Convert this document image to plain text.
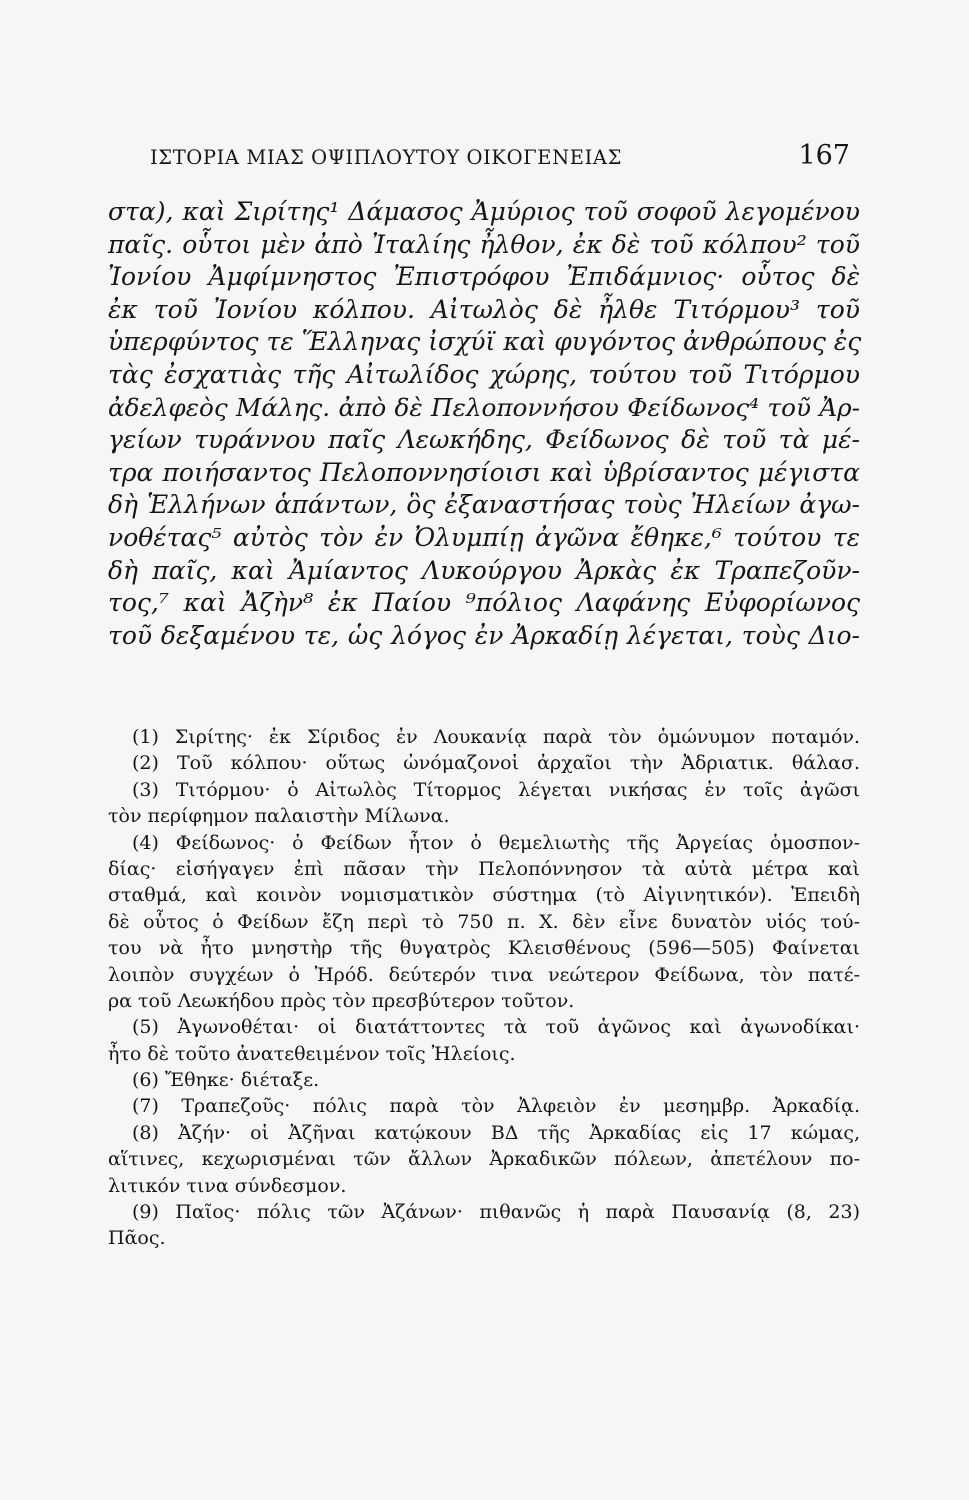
ΙΣΤΟΡΙΑ ΜΙΑΣ ΟΨΙΠΛΟΥΤΟΥ ΟΙΚΟΓΕΝΕΙΑΣ	167
στα), καὶ Σιρίτης¹ Δάμασος Ἀμύριος τοῦ σοφοῦ λεγομένου
παῖς. οὗτοι μὲν ἀπὸ Ἰταλίης ἦλθον, ἐκ δὲ τοῦ κόλπου² τοῦ
Ἰονίου Ἀμφίμνηστος Ἐπιστρόφου Ἐπιδάμνιος· οὗτος δὲ
ἐκ τοῦ Ἰονίου κόλπου. Αἰτωλὸς δὲ ἦλθε Τιτόρμου³ τοῦ
ὑπερφύντος τε Ἕλληνας ἰσχύϊ καὶ φυγόντος ἀνθρώπους ἐς
τὰς ἐσχατιὰς τῆς Αἰτωλίδος χώρης, τούτου τοῦ Τιτόρμου
ἀδελφεὸς Μάλης. ἀπὸ δὲ Πελοποννήσου Φείδωνος⁴ τοῦ Ἀρ-
γείων τυράννου παῖς Λεωκήδης, Φείδωνος δὲ τοῦ τὰ μέ-
τρα ποιήσαντος Πελοποννησίοισι καὶ ὑβρίσαντος μέγιστα
δὴ Ἑλλήνων ἁπάντων, ὃς ἐξαναστήσας τοὺς Ἠλείων ἀγω-
νοθέτας⁵ αὐτὸς τὸν ἐν Ὀλυμπίῃ ἀγῶνα ἔθηκε,⁶ τούτου τε
δὴ παῖς, καὶ Ἀμίαντος Λυκούργου Ἀρκὰς ἐκ Τραπεζοῦν-
τος,⁷ καὶ Ἀζὴν⁸ ἐκ Παίου ⁹πόλιος Λαφάνης Εὐφορίωνος
τοῦ δεξαμένου τε, ὡς λόγος ἐν Ἀρκαδίῃ λέγεται, τοὺς Διο-
(1) Σιρίτης· ἐκ Σίριδος ἐν Λουκανίᾳ παρὰ τὸν ὁμώνυμον ποταμόν.
(2) Τοῦ κόλπου· οὕτως ὠνόμαζονοἱ ἀρχαῖοι τὴν Ἀδριατικ. θάλασ.
(3) Τιτόρμου· ὁ Αἰτωλὸς Τίτορμος λέγεται νικήσας ἐν τοῖς ἀγῶσι
τὸν περίφημον παλαιστὴν Μίλωνα.
(4) Φείδωνος· ὁ Φείδων ἦτον ὁ θεμελιωτὴς τῆς Ἀργείας ὁμοσπον-
δίας· εἰσήγαγεν ἐπὶ πᾶσαν τὴν Πελοπόννησον τὰ αὐτὰ μέτρα καὶ
σταθμά, καὶ κοινὸν νομισματικὸν σύστημα (τὸ Αἰγινητικόν). Ἐπειδὴ
δὲ οὗτος ὁ Φείδων ἔζη περὶ τὸ 750 π. Χ. δὲν εἶνε δυνατὸν υἱός τού-
του νὰ ἦτο μνηστὴρ τῆς θυγατρὸς Κλεισθένους (596—505) Φαίνεται
λοιπὸν συγχέων ὁ Ἡρόδ. δεύτερόν τινα νεώτερον Φείδωνα, τὸν πατέ-
ρα τοῦ Λεωκήδου πρὸς τὸν πρεσβύτερον τοῦτον.
(5) Ἀγωνοθέται· οἱ διατάττοντες τὰ τοῦ ἀγῶνος καὶ ἀγωνοδίκαι·
ἦτο δὲ τοῦτο ἀνατεθειμένον τοῖς Ἠλείοις.
(6) Ἔθηκε· διέταξε.
(7) Τραπεζοῦς· πόλις παρὰ τὸν Ἀλφειὸν ἐν μεσημβρ. Ἀρκαδίᾳ.
(8) Ἀζήν· οἱ Ἀζῆναι κατῴκουν ΒΔ τῆς Ἀρκαδίας εἰς 17 κώμας,
αἵτινες, κεχωρισμέναι τῶν ἄλλων Ἀρκαδικῶν πόλεων, ἀπετέλουν πο-
λιτικόν τινα σύνδεσμον.
(9) Παῖος· πόλις τῶν Ἀζάνων· πιθανῶς ἡ παρὰ Παυσανίᾳ (8, 23)
Πᾶος.
